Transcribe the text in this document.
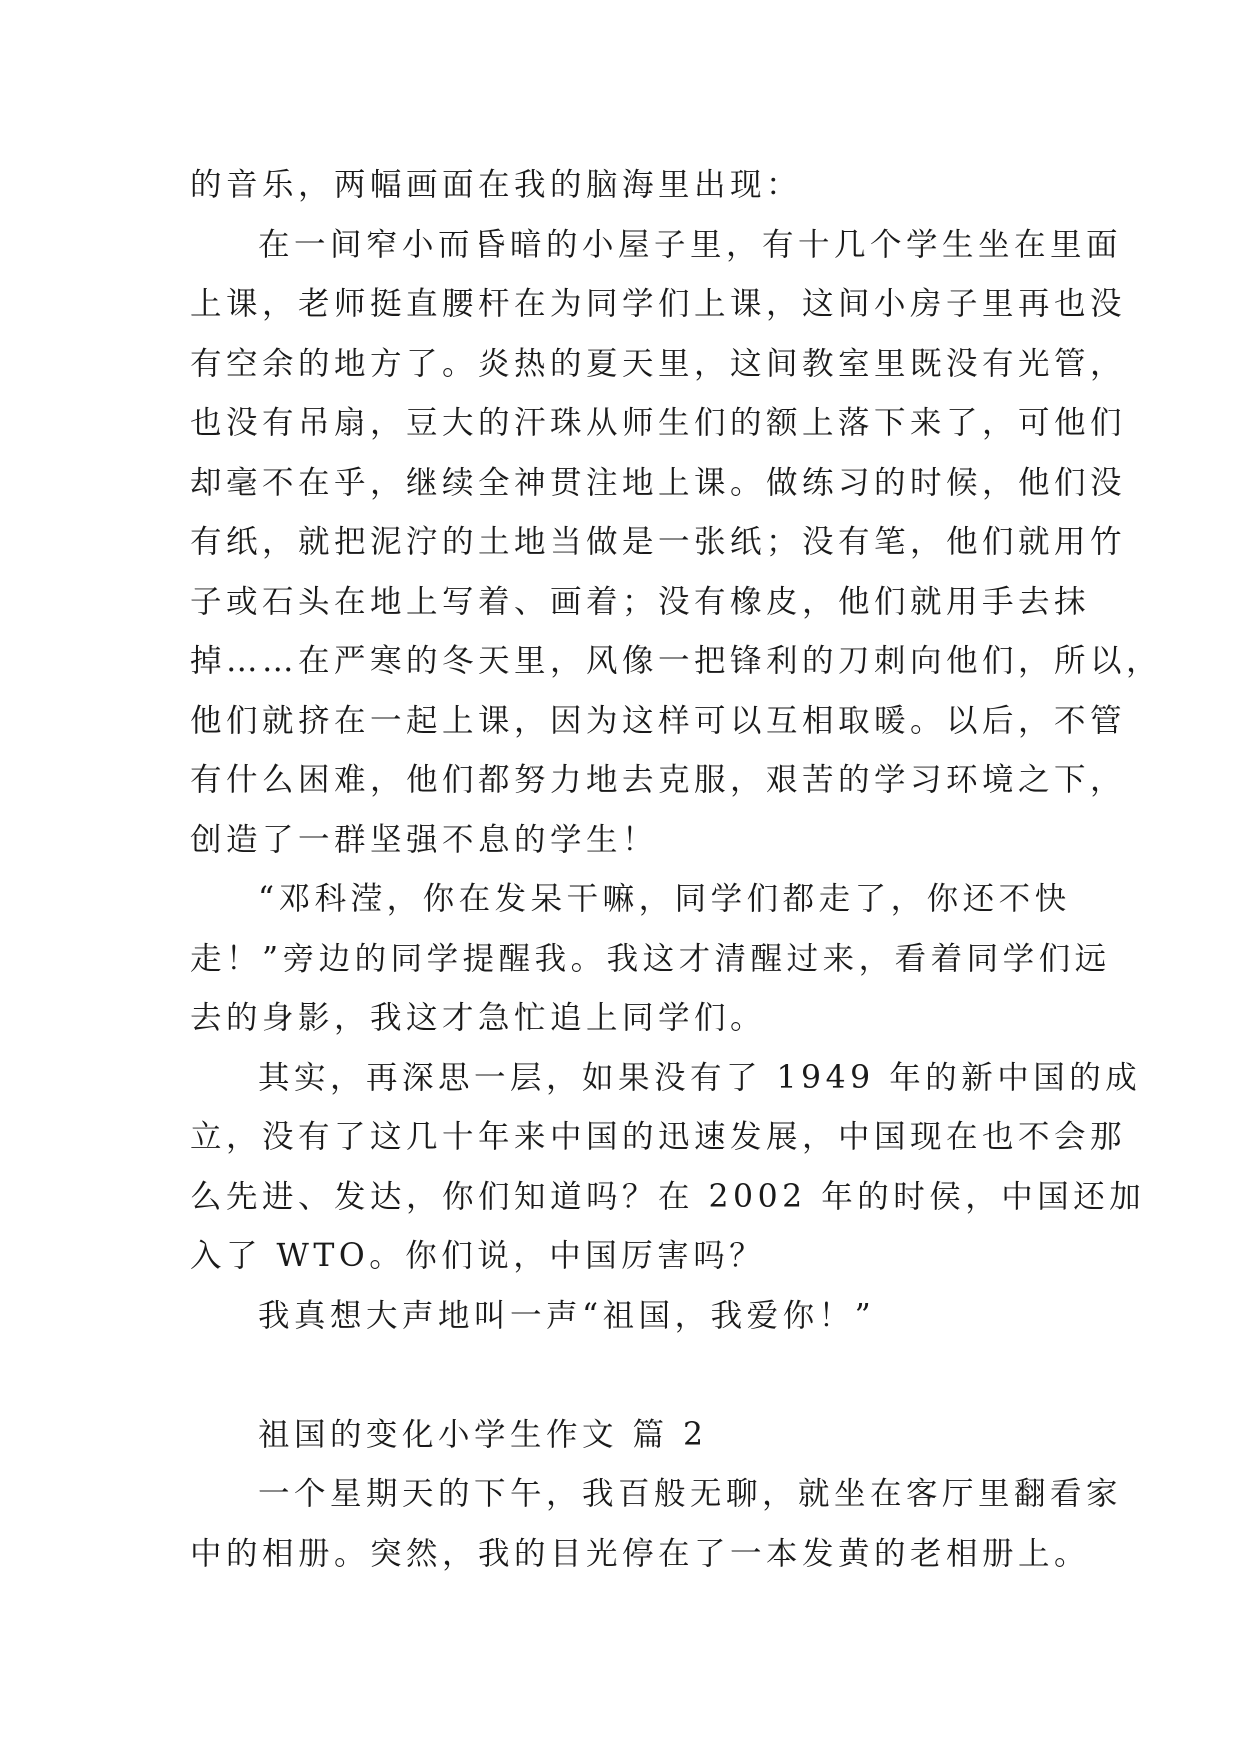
的音乐，两幅画面在我的脑海里出现：
在一间窄小而昏暗的小屋子里，有十几个学生坐在里面
上课，老师挺直腰杆在为同学们上课，这间小房子里再也没
有空余的地方了。炎热的夏天里，这间教室里既没有光管，
也没有吊扇，豆大的汗珠从师生们的额上落下来了，可他们
却毫不在乎，继续全神贯注地上课。做练习的时候，他们没
有纸，就把泥泞的土地当做是一张纸；没有笔，他们就用竹
子或石头在地上写着、画着；没有橡皮，他们就用手去抹
掉……在严寒的冬天里，风像一把锋利的刀刺向他们，所以，
他们就挤在一起上课，因为这样可以互相取暖。以后，不管
有什么困难，他们都努力地去克服，艰苦的学习环境之下，
创造了一群坚强不息的学生！
“邓科滢，你在发呆干嘛，同学们都走了，你还不快
走！”旁边的同学提醒我。我这才清醒过来，看着同学们远
去的身影，我这才急忙追上同学们。
其实，再深思一层，如果没有了 1949 年的新中国的成
立，没有了这几十年来中国的迅速发展，中国现在也不会那
么先进、发达，你们知道吗？在 2002 年的时侯，中国还加
入了 WTO。你们说，中国厉害吗？
我真想大声地叫一声“祖国，我爱你！”
祖国的变化小学生作文 篇 2
一个星期天的下午，我百般无聊，就坐在客厅里翻看家
中的相册。突然，我的目光停在了一本发黄的老相册上。
